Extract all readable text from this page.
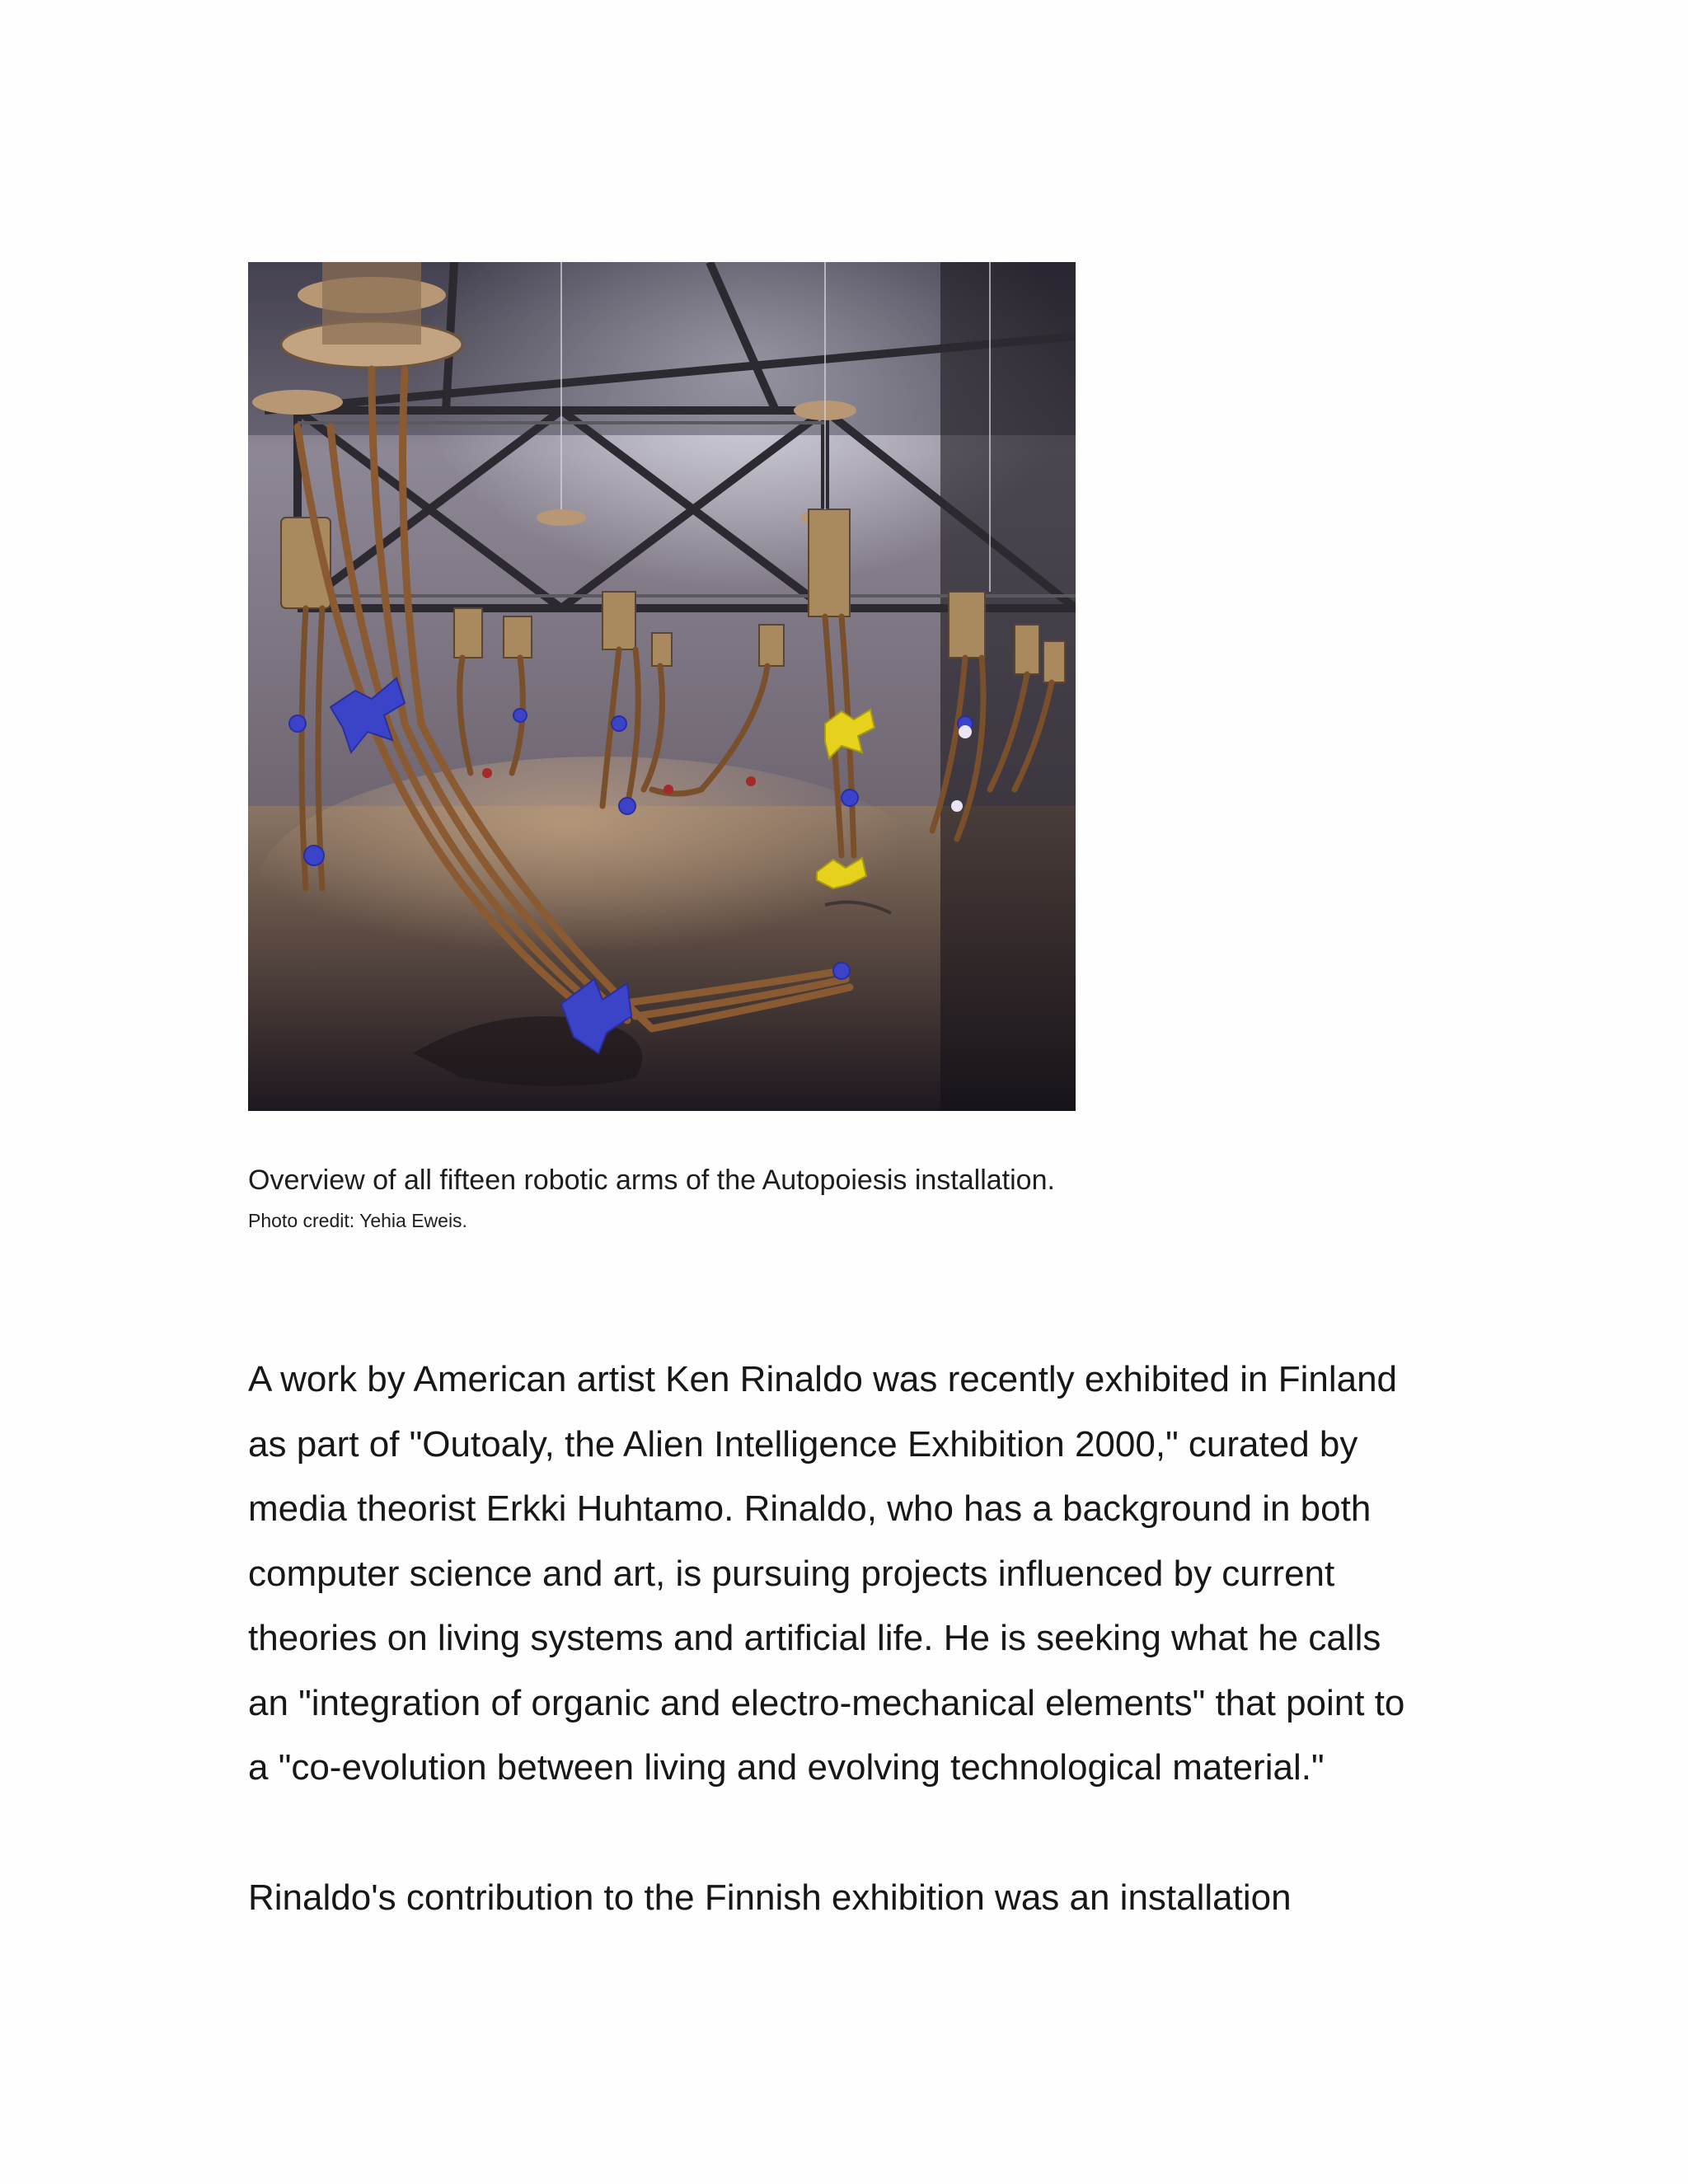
Overview of all fifteen robotic arms of the Autopoiesis installation.
Photo credit: Yehia Eweis.

A work by American artist Ken Rinaldo was recently exhibited in Finland
as part of "Outoaly, the Alien Intelligence Exhibition 2000," curated by
media theorist Erkki Huhtamo. Rinaldo, who has a background in both
computer science and art, is pursuing projects influenced by current
theories on living systems and artificial life. He is seeking what he calls
an "integration of organic and electro-mechanical elements" that point to
a "co-evolution between living and evolving technological material."

Rinaldo's contribution to the Finnish exhibition was an installation
